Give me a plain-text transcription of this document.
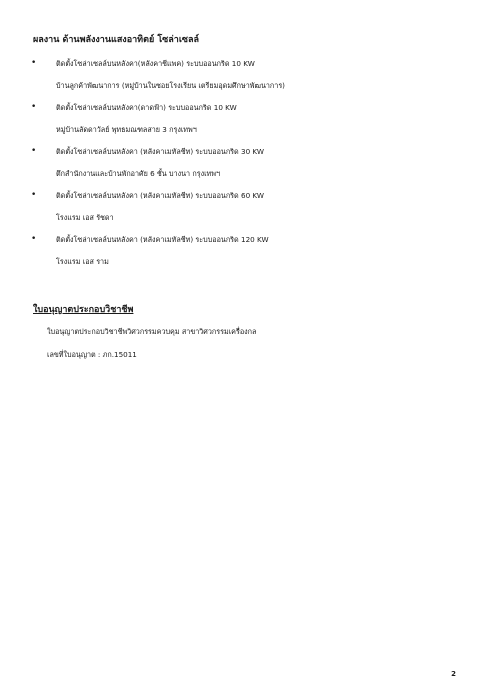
ผลงาน ด้านพลังงานแสงอาทิตย์ โซล่าเซลล์
•	ติดตั้งโซล่าเซลล์บนหลังคา(หลังคาชีแพค) ระบบออนกริด 10 KW
บ้านลูกค้าพัฒนาการ (หมู่บ้านในซอยโรงเรียน เตรียมอุดมศึกษาพัฒนาการ)
•	ติดตั้งโซล่าเซลล์บนหลังคา(ดาดฟ้า) ระบบออนกริด 10 KW
หมู่บ้านลัดดาวัลย์ พุทธมณฑลสาย 3 กรุงเทพฯ
•	ติดตั้งโซล่าเซลล์บนหลังคา (หลังคาเมทัลชีท) ระบบออนกริด 30 KW
ตึกสำนักงานและบ้านพักอาศัย 6 ชั้น บางนา กรุงเทพฯ
•	ติดตั้งโซล่าเซลล์บนหลังคา (หลังคาเมทัลชีท) ระบบออนกริด 60 KW
โรงแรม เอส รัชดา
•	ติดตั้งโซล่าเซลล์บนหลังคา (หลังคาเมทัลชีท) ระบบออนกริด 120 KW
โรงแรม เอส ราม
ใบอนุญาตประกอบวิชาชีพ
ใบอนุญาตประกอบวิชาชีพวิศวกรรมควบคุม สาขาวิศวกรรมเครื่องกล
เลขที่ใบอนุญาต : ภก.15011
2
